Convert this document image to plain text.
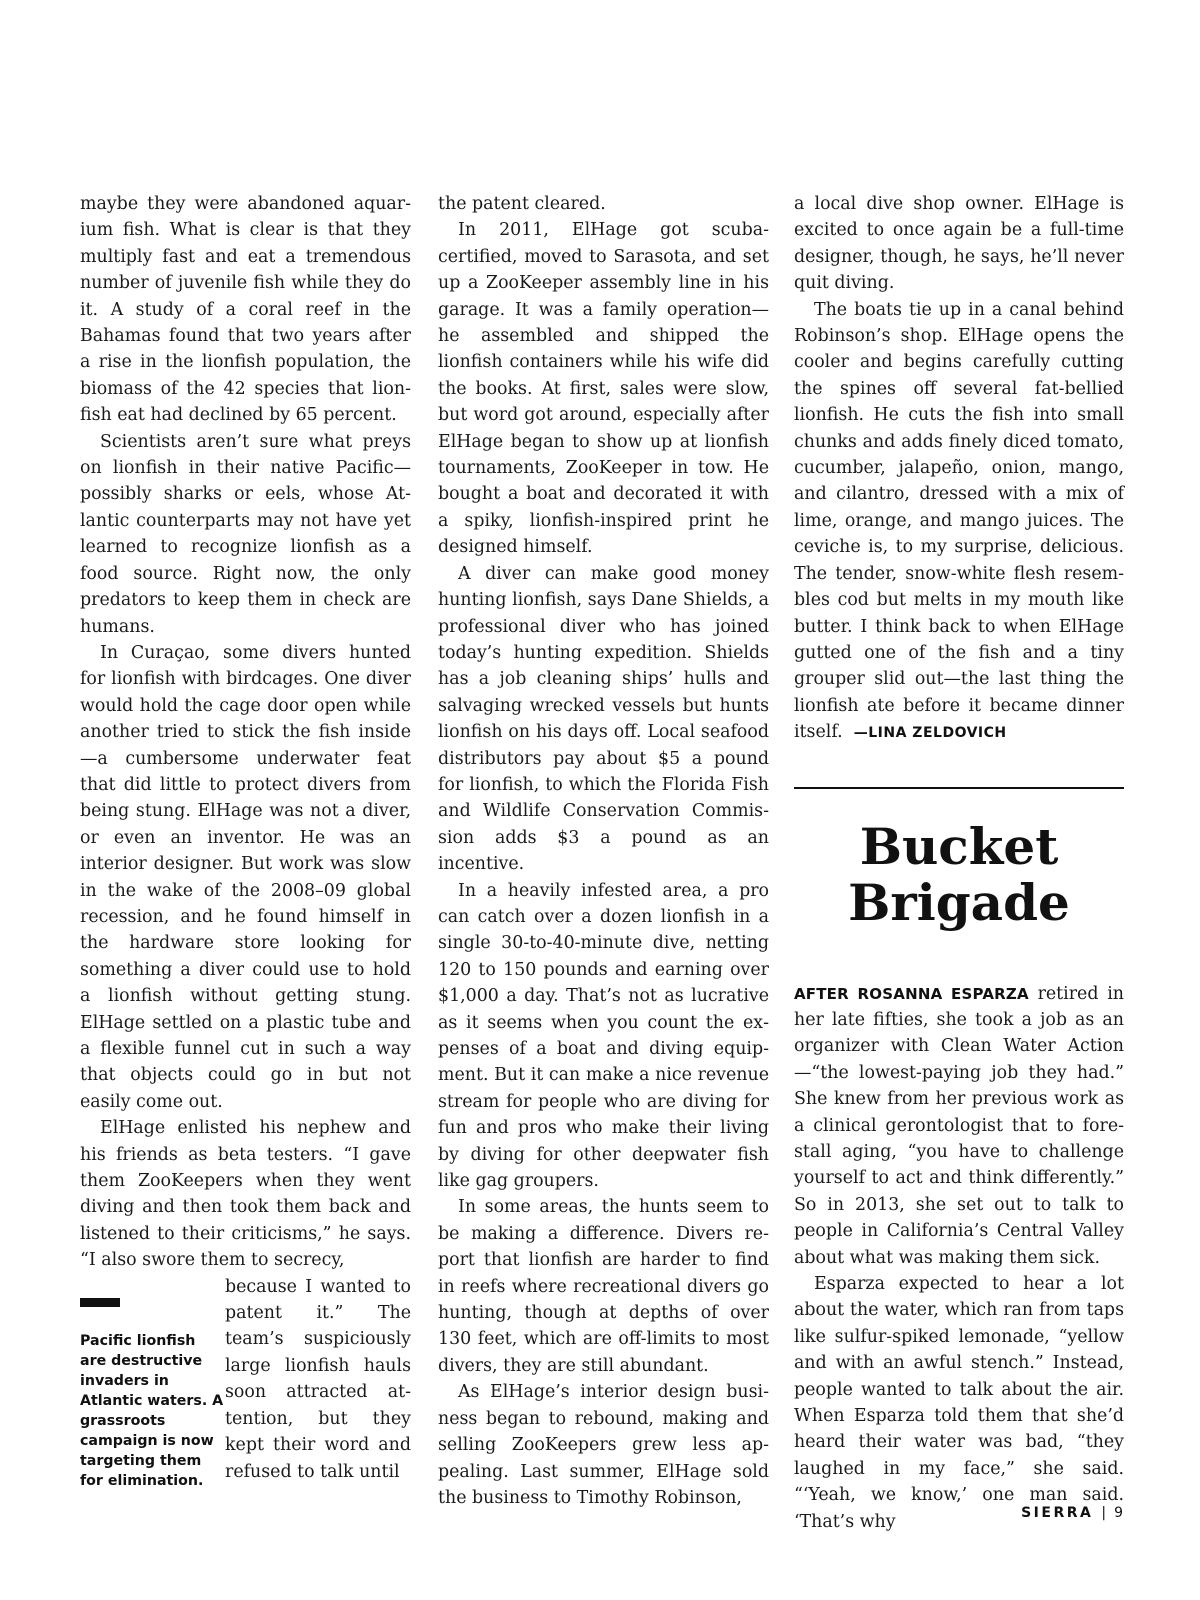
maybe they were abandoned aquarium fish. What is clear is that they multiply fast and eat a tremendous number of juvenile fish while they do it. A study of a coral reef in the Bahamas found that two years after a rise in the lionfish population, the biomass of the 42 species that lionfish eat had declined by 65 percent.

Scientists aren’t sure what preys on lionfish in their native Pacific—possibly sharks or eels, whose Atlantic counterparts may not have yet learned to recognize lionfish as a food source. Right now, the only predators to keep them in check are humans.

In Curaçao, some divers hunted for lionfish with birdcages. One diver would hold the cage door open while another tried to stick the fish inside—a cumbersome underwater feat that did little to protect divers from being stung. ElHage was not a diver, or even an inventor. He was an interior designer. But work was slow in the wake of the 2008–09 global recession, and he found himself in the hardware store looking for something a diver could use to hold a lionfish without getting stung. ElHage settled on a plastic tube and a flexible funnel cut in such a way that objects could go in but not easily come out.

ElHage enlisted his nephew and his friends as beta testers. “I gave them ZooKeepers when they went diving and then took them back and listened to their criticisms,” he says. “I also swore them to secrecy,

Pacific lionfish are destructive invaders in Atlantic waters. A grassroots campaign is now targeting them for elimination.

because I wanted to patent it.” The team’s suspiciously large lionfish hauls soon attracted attention, but they kept their word and refused to talk until

the patent cleared.

In 2011, ElHage got scuba-certified, moved to Sarasota, and set up a ZooKeeper assembly line in his garage. It was a family operation—he assembled and shipped the lionfish containers while his wife did the books. At first, sales were slow, but word got around, especially after ElHage began to show up at lionfish tournaments, ZooKeeper in tow. He bought a boat and decorated it with a spiky, lionfish-inspired print he designed himself.

A diver can make good money hunting lionfish, says Dane Shields, a professional diver who has joined today’s hunting expedition. Shields has a job cleaning ships’ hulls and salvaging wrecked vessels but hunts lionfish on his days off. Local seafood distributors pay about $5 a pound for lionfish, to which the Florida Fish and Wildlife Conservation Commission adds $3 a pound as an incentive.

In a heavily infested area, a pro can catch over a dozen lionfish in a single 30-to-40-minute dive, netting 120 to 150 pounds and earning over $1,000 a day. That’s not as lucrative as it seems when you count the expenses of a boat and diving equipment. But it can make a nice revenue stream for people who are diving for fun and pros who make their living by diving for other deepwater fish like gag groupers.

In some areas, the hunts seem to be making a difference. Divers report that lionfish are harder to find in reefs where recreational divers go hunting, though at depths of over 130 feet, which are off-limits to most divers, they are still abundant.

As ElHage’s interior design business began to rebound, making and selling ZooKeepers grew less appealing. Last summer, ElHage sold the business to Timothy Robinson,

a local dive shop owner. ElHage is excited to once again be a full-time designer, though, he says, he’ll never quit diving.

The boats tie up in a canal behind Robinson’s shop. ElHage opens the cooler and begins carefully cutting the spines off several fat-bellied lionfish. He cuts the fish into small chunks and adds finely diced tomato, cucumber, jalapeño, onion, mango, and cilantro, dressed with a mix of lime, orange, and mango juices. The ceviche is, to my surprise, delicious. The tender, snow-white flesh resembles cod but melts in my mouth like butter. I think back to when ElHage gutted one of the fish and a tiny grouper slid out—the last thing the lionfish ate before it became dinner itself. —LINA ZELDOVICH

Bucket
Brigade

AFTER ROSANNA ESPARZA retired in her late fifties, she took a job as an organizer with Clean Water Action—“the lowest-paying job they had.” She knew from her previous work as a clinical gerontologist that to forestall aging, “you have to challenge yourself to act and think differently.” So in 2013, she set out to talk to people in California’s Central Valley about what was making them sick.

Esparza expected to hear a lot about the water, which ran from taps like sulfur-spiked lemonade, “yellow and with an awful stench.” Instead, people wanted to talk about the air. When Esparza told them that she’d heard their water was bad, “they laughed in my face,” she said. “‘Yeah, we know,’ one man said. ‘That’s why	SIERRA | 9
